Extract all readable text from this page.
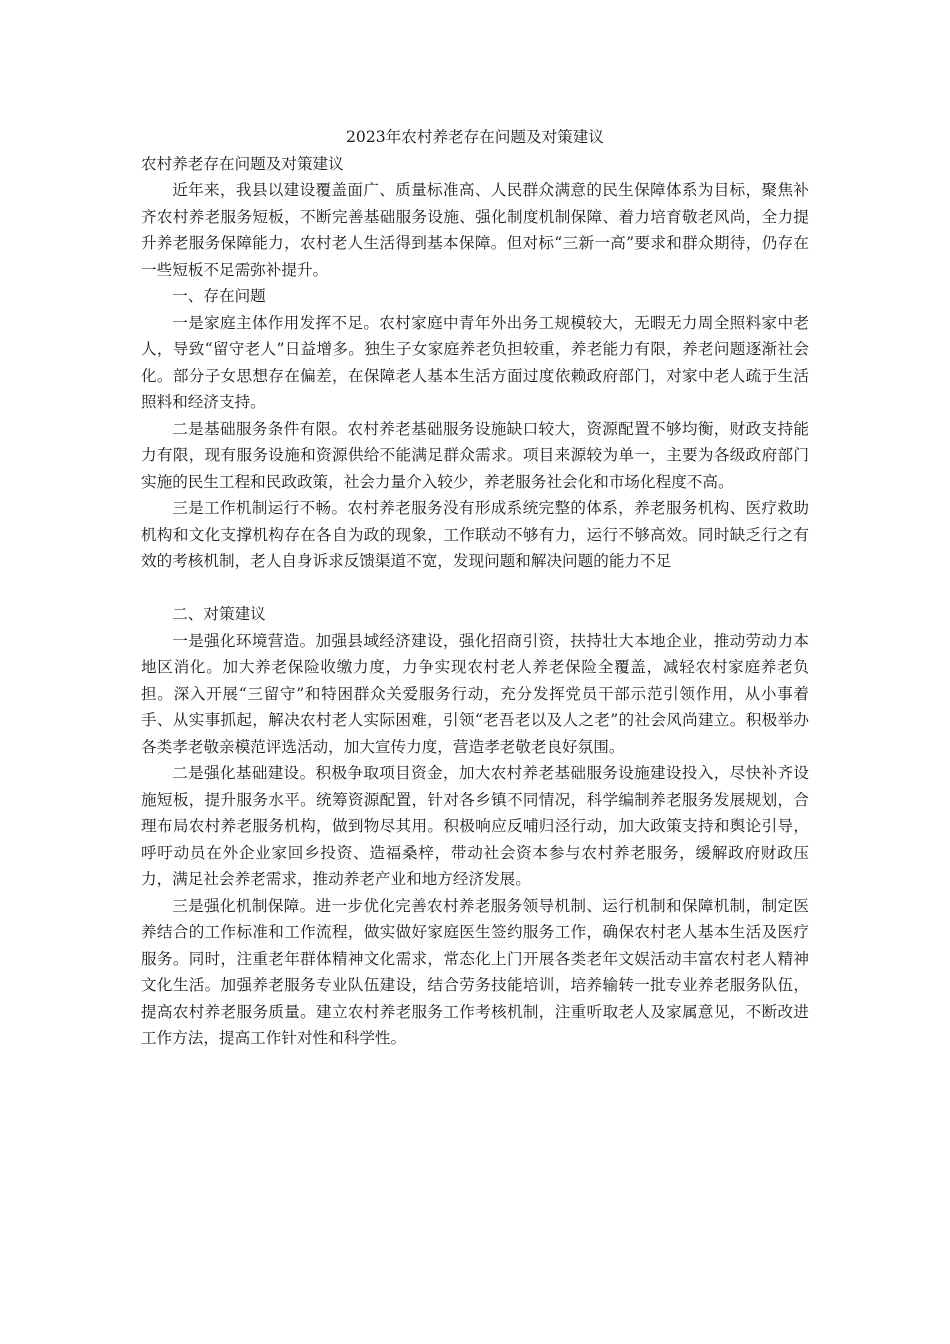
2023年农村养老存在问题及对策建议
农村养老存在问题及对策建议

近年来，我县以建设覆盖面广、质量标准高、人民群众满意的民生保障体系为目标，聚焦补齐农村养老服务短板，不断完善基础服务设施、强化制度机制保障、着力培育敬老风尚，全力提升养老服务保障能力，农村老人生活得到基本保障。但对标“三新一高”要求和群众期待，仍存在一些短板不足需弥补提升。

一、存在问题

一是家庭主体作用发挥不足。农村家庭中青年外出务工规模较大，无暇无力周全照料家中老人，导致“留守老人”日益增多。独生子女家庭养老负担较重，养老能力有限，养老问题逐渐社会化。部分子女思想存在偏差，在保障老人基本生活方面过度依赖政府部门，对家中老人疏于生活照料和经济支持。

二是基础服务条件有限。农村养老基础服务设施缺口较大，资源配置不够均衡，财政支持能力有限，现有服务设施和资源供给不能满足群众需求。项目来源较为单一，主要为各级政府部门实施的民生工程和民政政策，社会力量介入较少，养老服务社会化和市场化程度不高。

三是工作机制运行不畅。农村养老服务没有形成系统完整的体系，养老服务机构、医疗救助机构和文化支撑机构存在各自为政的现象，工作联动不够有力，运行不够高效。同时缺乏行之有效的考核机制，老人自身诉求反馈渠道不宽，发现问题和解决问题的能力不足

二、对策建议

一是强化环境营造。加强县域经济建设，强化招商引资，扶持壮大本地企业，推动劳动力本地区消化。加大养老保险收缴力度，力争实现农村老人养老保险全覆盖，减轻农村家庭养老负担。深入开展“三留守”和特困群众关爱服务行动，充分发挥党员干部示范引领作用，从小事着手、从实事抓起，解决农村老人实际困难，引领“老吾老以及人之老”的社会风尚建立。积极举办各类孝老敬亲模范评选活动，加大宣传力度，营造孝老敬老良好氛围。

二是强化基础建设。积极争取项目资金，加大农村养老基础服务设施建设投入，尽快补齐设施短板，提升服务水平。统筹资源配置，针对各乡镇不同情况，科学编制养老服务发展规划，合理布局农村养老服务机构，做到物尽其用。积极响应反哺归泾行动，加大政策支持和舆论引导，呼吁动员在外企业家回乡投资、造福桑梓，带动社会资本参与农村养老服务，缓解政府财政压力，满足社会养老需求，推动养老产业和地方经济发展。

三是强化机制保障。进一步优化完善农村养老服务领导机制、运行机制和保障机制，制定医养结合的工作标准和工作流程，做实做好家庭医生签约服务工作，确保农村老人基本生活及医疗服务。同时，注重老年群体精神文化需求，常态化上门开展各类老年文娱活动丰富农村老人精神文化生活。加强养老服务专业队伍建设，结合劳务技能培训，培养输转一批专业养老服务队伍，提高农村养老服务质量。建立农村养老服务工作考核机制，注重听取老人及家属意见，不断改进工作方法，提高工作针对性和科学性。
